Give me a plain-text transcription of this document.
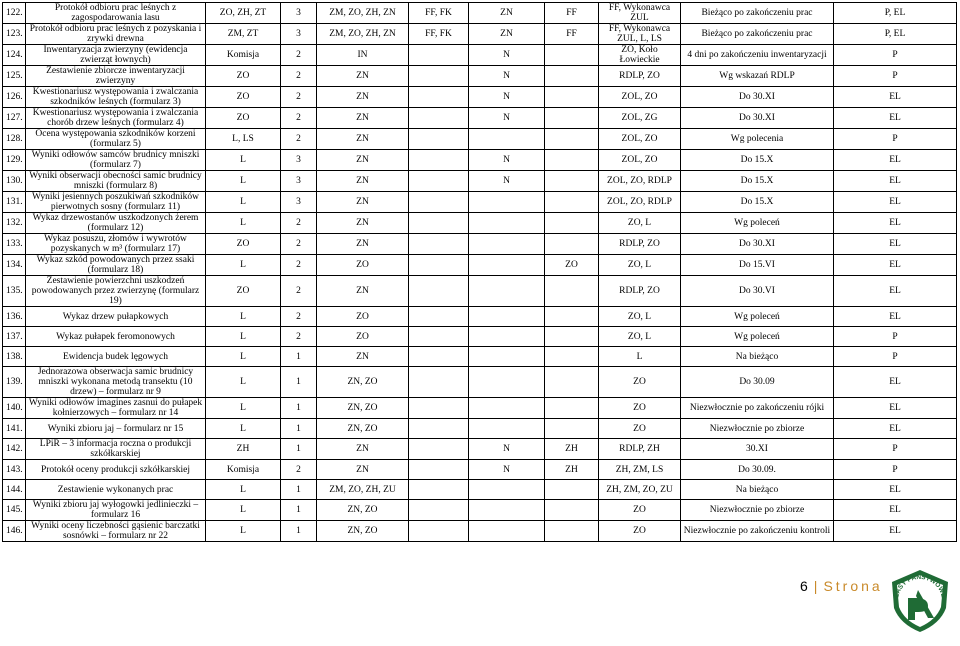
122.	Protokół odbioru prac leśnych z zagospodarowania lasu	ZO, ZH, ZT	3	ZM, ZO, ZH, ZN	FF, FK	ZN	FF	FF, Wykonawca ZUL	Bieżąco po zakończeniu prac	P, EL
123.	Protokół odbioru prac leśnych z pozyskania i zrywki drewna	ZM, ZT	3	ZM, ZO, ZH, ZN	FF, FK	ZN	FF	FF, Wykonawca ZUL, L, LS	Bieżąco po zakończeniu prac	P, EL
124.	Inwentaryzacja zwierzyny (ewidencja zwierząt łownych)	Komisja	2	IN		N		ZO, Koło Łowieckie	4 dni po zakończeniu inwentaryzacji	P
125.	Zestawienie zbiorcze inwentaryzacji zwierzyny	ZO	2	ZN		N		RDLP, ZO	Wg wskazań RDLP	P
126.	Kwestionariusz występowania i zwalczania szkodników leśnych (formularz 3)	ZO	2	ZN		N		ZOL, ZO	Do 30.XI	EL
127.	Kwestionariusz występowania i zwalczania chorób drzew leśnych (formularz 4)	ZO	2	ZN		N		ZOL, ZG	Do 30.XI	EL
128.	Ocena występowania szkodników korzeni (formularz 5)	L, LS	2	ZN				ZOL, ZO	Wg polecenia	P
129.	Wyniki odłowów samców brudnicy mniszki (formularz 7)	L	3	ZN		N		ZOL, ZO	Do 15.X	EL
130.	Wyniki obserwacji obecności samic brudnicy mniszki (formularz 8)	L	3	ZN		N		ZOL, ZO, RDLP	Do 15.X	EL
131.	Wyniki jesiennych poszukiwań szkodników pierwotnych sosny (formularz 11)	L	3	ZN				ZOL, ZO, RDLP	Do 15.X	EL
132.	Wykaz drzewostanów uszkodzonych żerem (formularz 12)	L	2	ZN				ZO, L	Wg poleceń	EL
133.	Wykaz posuszu, złomów i wywrotów pozyskanych w m³ (formularz 17)	ZO	2	ZN				RDLP, ZO	Do 30.XI	EL
134.	Wykaz szkód powodowanych przez ssaki (formularz 18)	L	2	ZO			ZO	ZO, L	Do 15.VI	EL
135.	Zestawienie powierzchni uszkodzeń powodowanych przez zwierzynę (formularz 19)	ZO	2	ZN				RDLP, ZO	Do 30.VI	EL
136.	Wykaz drzew pułapkowych	L	2	ZO				ZO, L	Wg poleceń	EL
137.	Wykaz pułapek feromonowych	L	2	ZO				ZO, L	Wg poleceń	P
138.	Ewidencja budek lęgowych	L	1	ZN				L	Na bieżąco	P
139.	Jednorazowa obserwacja samic brudnicy mniszki wykonana metodą transektu (10 drzew) – formularz nr 9	L	1	ZN, ZO				ZO	Do 30.09	EL
140.	Wyniki odłowów imagines zasnui do pułapek kołnierzowych – formularz nr 14	L	1	ZN, ZO				ZO	Niezwłocznie po zakończeniu rójki	EL
141.	Wyniki zbioru jaj – formularz nr 15	L	1	ZN, ZO				ZO	Niezwłocznie po zbiorze	EL
142.	LPiR – 3 informacja roczna o produkcji szkółkarskiej	ZH	1	ZN		N	ZH	RDLP, ZH	30.XI	P
143.	Protokół oceny produkcji szkółkarskiej	Komisja	2	ZN		N	ZH	ZH, ZM, LS	Do 30.09.	P
144.	Zestawienie wykonanych prac	L	1	ZM, ZO, ZH, ZU				ZH, ZM, ZO, ZU	Na bieżąco	EL
145.	Wyniki zbioru jaj wyłogowki jedlinieczki – formularz 16	L	1	ZN, ZO				ZO	Niezwłocznie po zbiorze	EL
146.	Wyniki oceny liczebności gąsienic barczatki sosnówki – formularz nr 22	L	1	ZN, ZO				ZO	Niezwłocznie po zakończeniu kontroli	EL
6 | Strona
LASY PAŃSTWOWE
